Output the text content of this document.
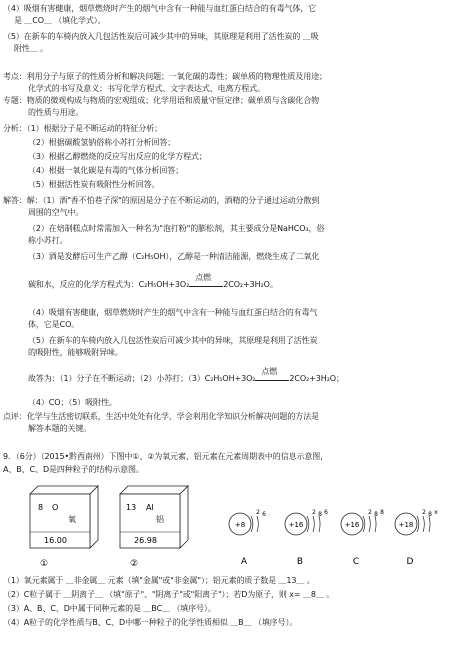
（4）吸烟有害健康，烟草燃烧时产生的烟气中含有一种能与血红蛋白结合的有毒气体，它
是 ＿CO＿ （填化学式）。
（5）在新车的车椅内放入几包活性炭后可减少其中的异味，其原理是利用了活性炭的 ＿吸
附性＿ 。
考点：利用分子与原子的性质分析和解决问题；一氧化碳的毒性；碳单质的物理性质及用途；
化学式的书写及意义；书写化学方程式、文字表达式、电离方程式。
专题：物质的微观构成与物质的宏观组成；化学用语和质量守恒定律；碳单质与含碳化合物
的性质与用途。
分析：（1）根据分子是不断运动的特征分析；
（2）根据碳酸氢钠俗称小苏打分析回答；
（3）根据乙醇燃烧的反应写出反应的化学方程式；
（4）根据一氧化碳是有毒的气体分析回答；
（5）根据活性炭有吸附性分析回答。
解答：解：（1）酒"香不怕巷子深"的原因是分子在不断运动的，酒精的分子通过运动分散到
周围的空气中。
（2）在焙制糕点时常需加入一种名为"泡打粉"的膨松剂，其主要成分是NaHCO₃，俗
称小苏打。
（3）酒是发酵后可生产乙醇（C₂H₅OH），乙醇是一种清洁能源，燃烧生成了二氧化
（4）吸烟有害健康，烟草燃烧时产生的烟气中含有一种能与血红蛋白结合的有毒气
体，它是CO。
（5）在新车的车椅内放入几包活性炭后可减少其中的异味，其原理是利用了活性炭
的吸附性，能够吸附异味。
（4）CO；（5）吸附性。
点评：化学与生活密切联系，生活中处处有化学，学会利用化学知识分析解决问题的方法是
解答本题的关键。
9．（6分）（2015•黔西南州）下图中①、②为氧元素、铝元素在元素周期表中的信息示意图，
A、B、C、D是四种粒子的结构示意图。
（1）氧元素属于 ＿非金属＿ 元素（填"金属"或"非金属"）；铝元素的质子数是 ＿13＿ 。
（2）C粒子属于 ＿阴离子＿ （填"原子"、"阴离子"或"阳离子"）；若D为原子，则 x= ＿8＿ 。
（3）A、B、C、D中属于同种元素的是 ＿BC＿ （填序号）。
（4）A粒子的化学性质与B、C、D中哪一种粒子的化学性质相似 ＿B＿ （填序号）。
碳和水，反应的化学方程式为：C₂H₅OH+3O₂
点燃
2CO₂+3H₂O。
故答为：（1）分子在不断运动；（2）小苏打；（3）C₂H₅OH+3O₂
点燃
2CO₂+3H₂O；
8 O
氧
16.00
①
13 Al
铝
26.98
②
+8
2 6
A
+16
2 8 6
B
+16
2 8 8
C
+18
2 8 x
D
